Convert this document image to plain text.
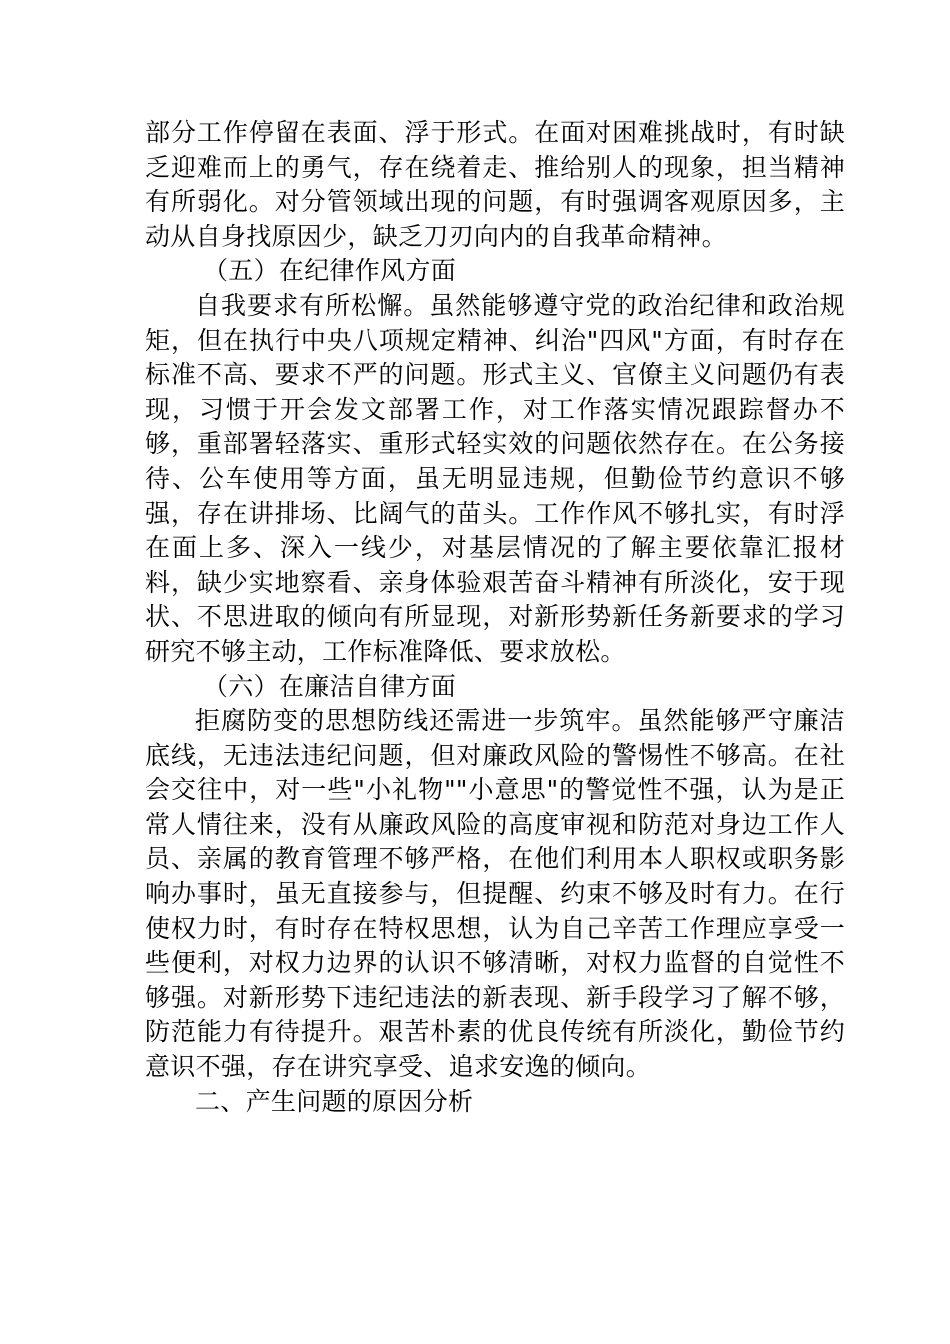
部分工作停留在表面、浮于形式。在面对困难挑战时，有时缺乏迎难而上的勇气，存在绕着走、推给别人的现象，担当精神有所弱化。对分管领域出现的问题，有时强调客观原因多，主动从自身找原因少，缺乏刀刃向内的自我革命精神。

（五）在纪律作风方面

自我要求有所松懈。虽然能够遵守党的政治纪律和政治规矩，但在执行中央八项规定精神、纠治"四风"方面，有时存在标准不高、要求不严的问题。形式主义、官僚主义问题仍有表现，习惯于开会发文部署工作，对工作落实情况跟踪督办不够，重部署轻落实、重形式轻实效的问题依然存在。在公务接待、公车使用等方面，虽无明显违规，但勤俭节约意识不够强，存在讲排场、比阔气的苗头。工作作风不够扎实，有时浮在面上多、深入一线少，对基层情况的了解主要依靠汇报材料，缺少实地察看、亲身体验艰苦奋斗精神有所淡化，安于现状、不思进取的倾向有所显现，对新形势新任务新要求的学习研究不够主动，工作标准降低、要求放松。

（六）在廉洁自律方面

拒腐防变的思想防线还需进一步筑牢。虽然能够严守廉洁底线，无违法违纪问题，但对廉政风险的警惕性不够高。在社会交往中，对一些"小礼物""小意思"的警觉性不强，认为是正常人情往来，没有从廉政风险的高度审视和防范对身边工作人员、亲属的教育管理不够严格，在他们利用本人职权或职务影响办事时，虽无直接参与，但提醒、约束不够及时有力。在行使权力时，有时存在特权思想，认为自己辛苦工作理应享受一些便利，对权力边界的认识不够清晰，对权力监督的自觉性不够强。对新形势下违纪违法的新表现、新手段学习了解不够，防范能力有待提升。艰苦朴素的优良传统有所淡化，勤俭节约意识不强，存在讲究享受、追求安逸的倾向。

二、产生问题的原因分析
